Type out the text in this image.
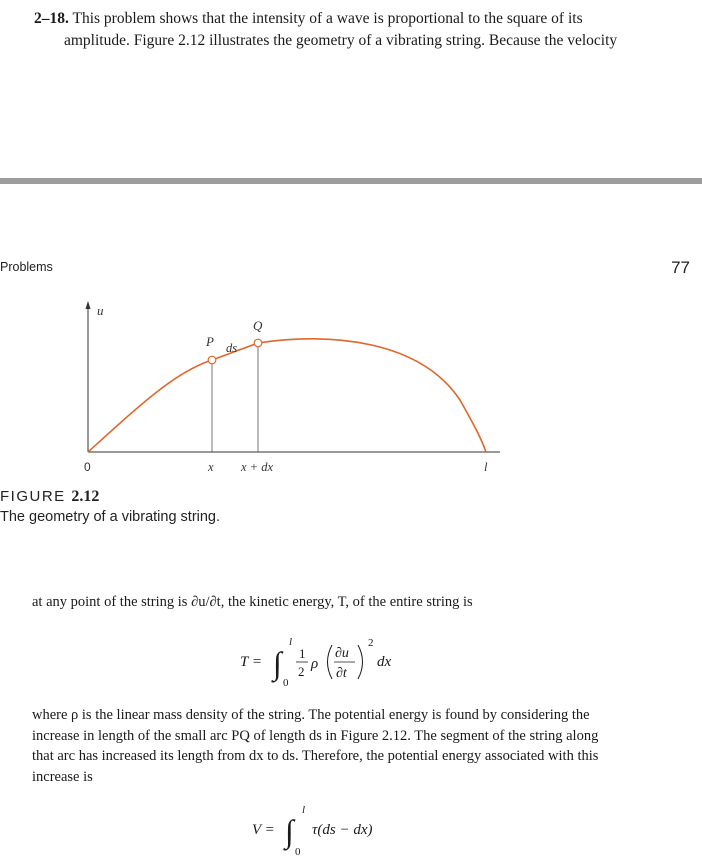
2–18. This problem shows that the intensity of a wave is proportional to the square of its
amplitude. Figure 2.12 illustrates the geometry of a vibrating string. Because the velocity
Problems	77
u
0	x x + dx	l
P
Q
ds
FIGURE 2.12
The geometry of a vibrating string.
at any point of the string is ∂u/∂t, the kinetic energy, T, of the entire string is
T = ∫
l
0
1
2 ρ
∂u
∂t
2
dx
where ρ is the linear mass density of the string. The potential energy is found by considering the increase in length of the small arc PQ of length ds in Figure 2.12. The segment of the string along that arc has increased its length from dx to ds. Therefore, the potential energy associated with this increase is
V = ∫
l
0
τ(ds − dx)
